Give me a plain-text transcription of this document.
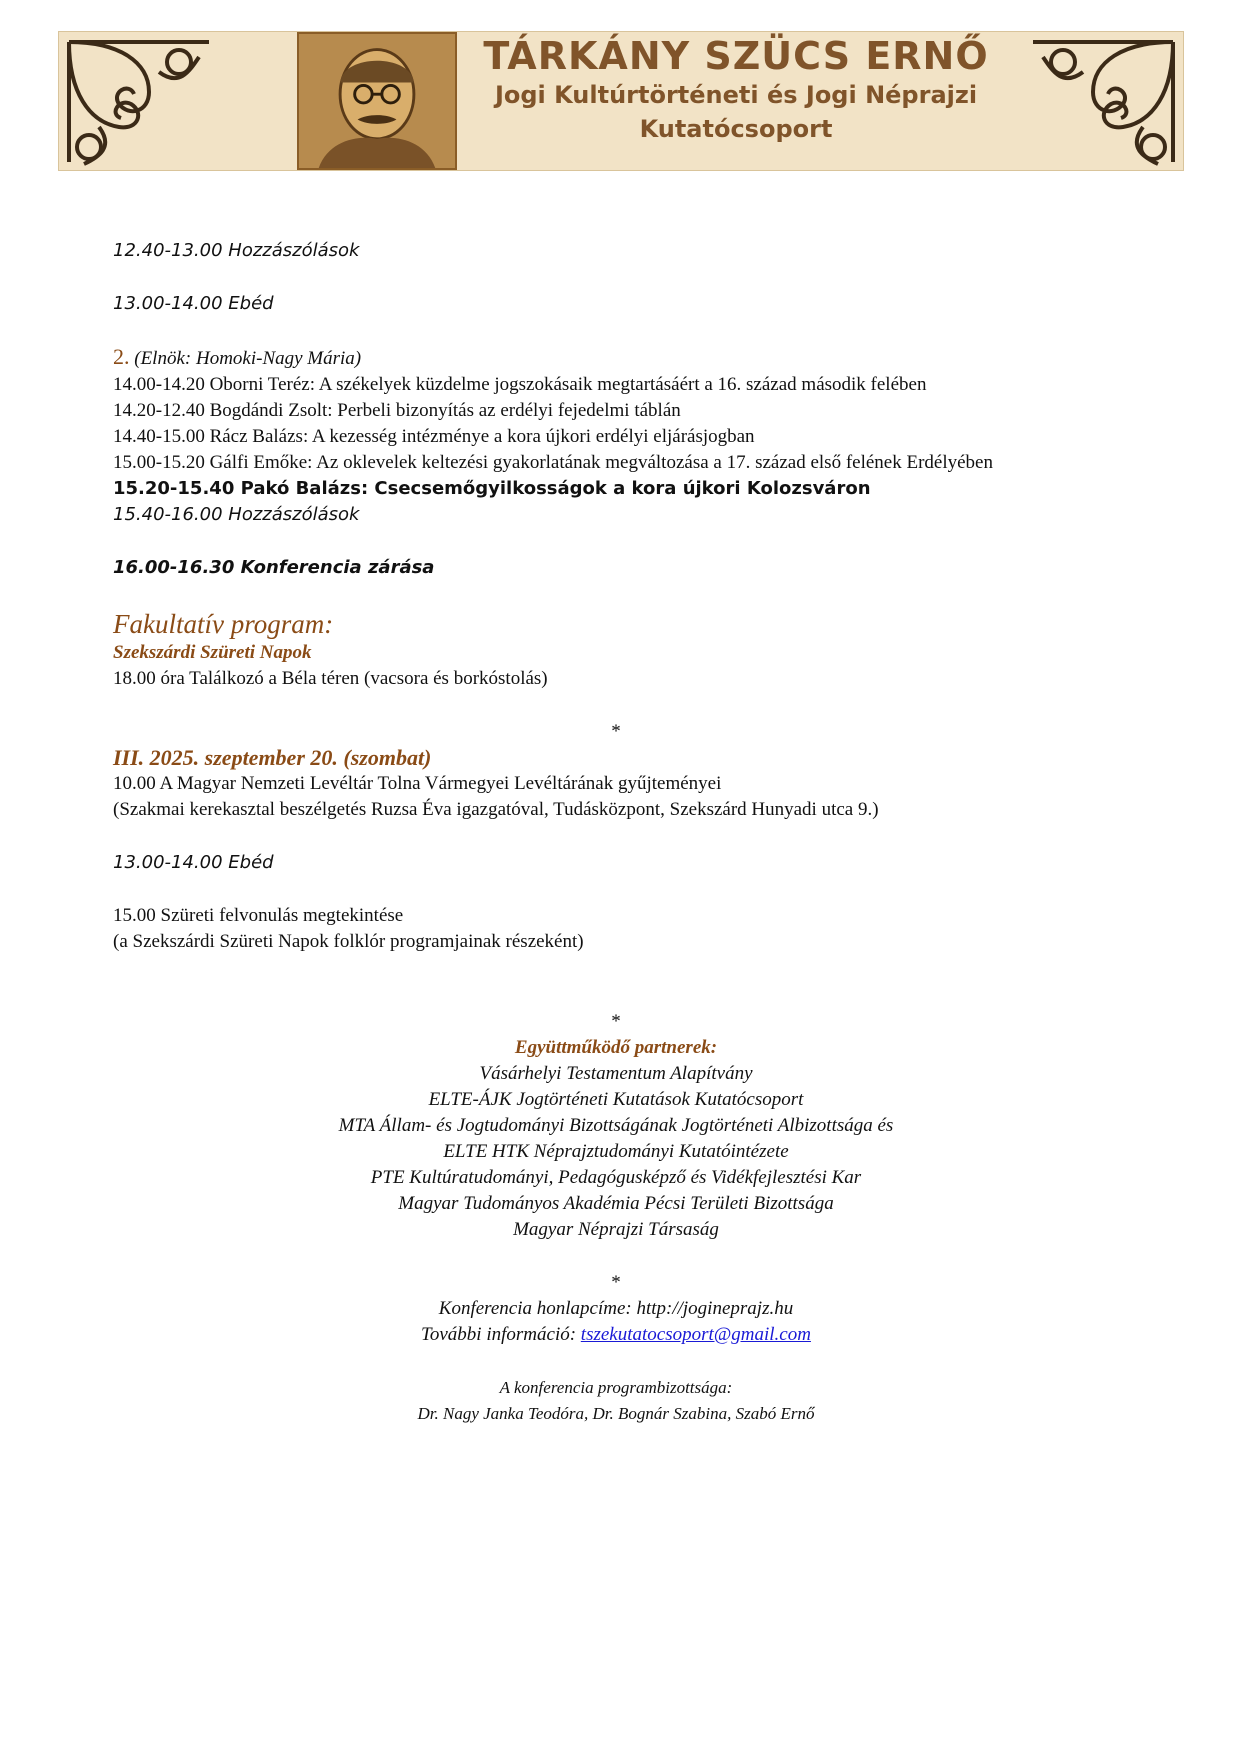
TÁRKÁNY SZÜCS ERNŐ
Jogi Kultúrtörténeti és Jogi Néprajzi
Kutatócsoport
12.40-13.00 Hozzászólások
13.00-14.00 Ebéd
2. (Elnök: Homoki-Nagy Mária)
14.00-14.20 Oborni Teréz: A székelyek küzdelme jogszokásaik megtartásáért a 16. század második felében
14.20-12.40 Bogdándi Zsolt: Perbeli bizonyítás az erdélyi fejedelmi táblán
14.40-15.00 Rácz Balázs: A kezesség intézménye a kora újkori erdélyi eljárásjogban
15.00-15.20 Gálfi Emőke: Az oklevelek keltezési gyakorlatának megváltozása a 17. század első felének Erdélyében
15.20-15.40 Pakó Balázs: Csecsemőgyilkosságok a kora újkori Kolozsváron
15.40-16.00 Hozzászólások
16.00-16.30 Konferencia zárása
Fakultatív program:
Szekszárdi Szüreti Napok
18.00 óra Találkozó a Béla téren (vacsora és borkóstolás)
*
III. 2025. szeptember 20. (szombat)
10.00 A Magyar Nemzeti Levéltár Tolna Vármegyei Levéltárának gyűjteményei
(Szakmai kerekasztal beszélgetés Ruzsa Éva igazgatóval, Tudásközpont, Szekszárd Hunyadi utca 9.)
13.00-14.00 Ebéd
15.00 Szüreti felvonulás megtekintése
(a Szekszárdi Szüreti Napok folklór programjainak részeként)
*
Együttműködő partnerek:
Vásárhelyi Testamentum Alapítvány
ELTE-ÁJK Jogtörténeti Kutatások Kutatócsoport
MTA Állam- és Jogtudományi Bizottságának Jogtörténeti Albizottsága és
ELTE HTK Néprajztudományi Kutatóintézete
PTE Kultúratudományi, Pedagógusképző és Vidékfejlesztési Kar
Magyar Tudományos Akadémia Pécsi Területi Bizottsága
Magyar Néprajzi Társaság
*
Konferencia honlapcíme: http://jogineprajz.hu
További információ: tszekutatocsoport@gmail.com
A konferencia programbizottsága:
Dr. Nagy Janka Teodóra, Dr. Bognár Szabina, Szabó Ernő
